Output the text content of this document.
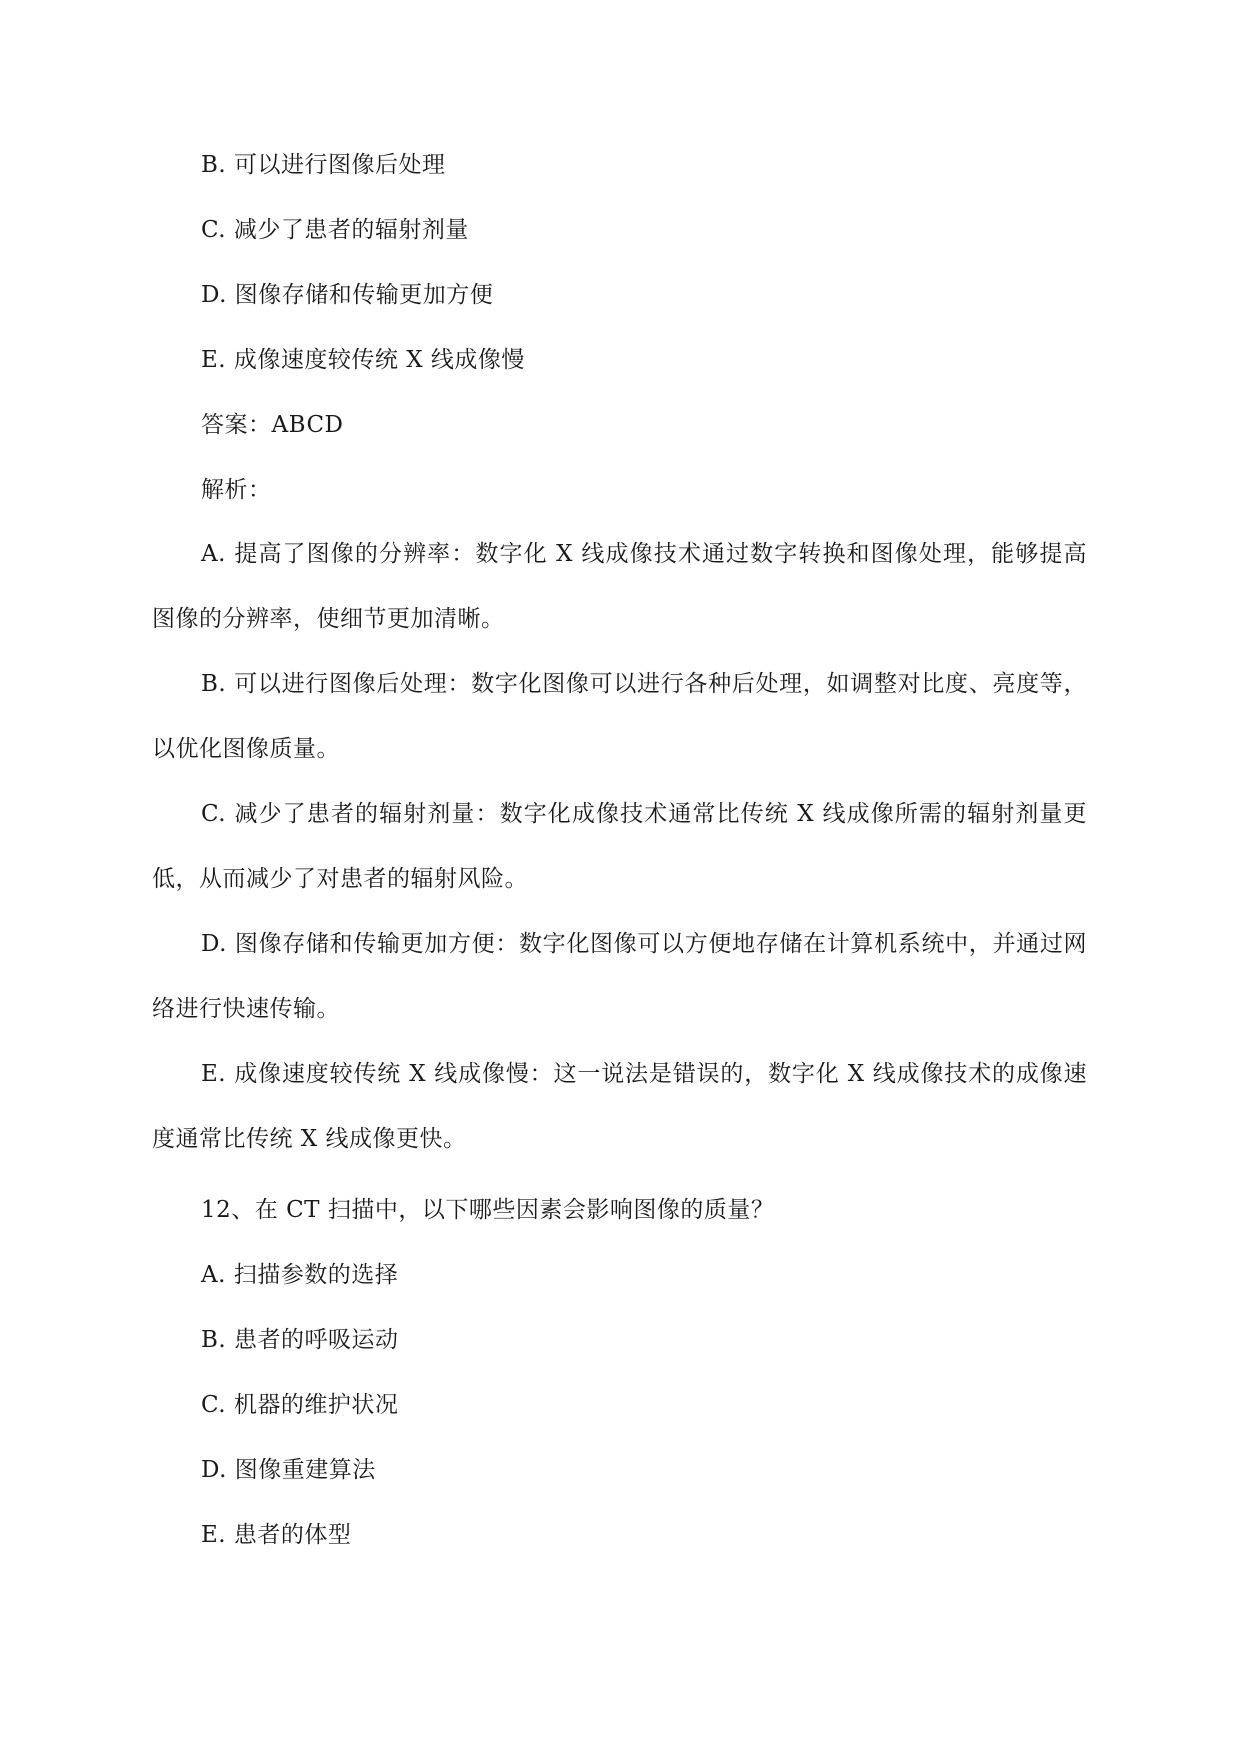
B. 可以进行图像后处理
C. 减少了患者的辐射剂量
D. 图像存储和传输更加方便
E. 成像速度较传统 X 线成像慢
答案：ABCD
解析：

A. 提高了图像的分辨率：数字化 X 线成像技术通过数字转换和图像处理，能够提高图像的分辨率，使细节更加清晰。

B. 可以进行图像后处理：数字化图像可以进行各种后处理，如调整对比度、亮度等，以优化图像质量。

C. 减少了患者的辐射剂量：数字化成像技术通常比传统 X 线成像所需的辐射剂量更低，从而减少了对患者的辐射风险。

D. 图像存储和传输更加方便：数字化图像可以方便地存储在计算机系统中，并通过网络进行快速传输。

E. 成像速度较传统 X 线成像慢：这一说法是错误的，数字化 X 线成像技术的成像速度通常比传统 X 线成像更快。

12、在 CT 扫描中，以下哪些因素会影响图像的质量？
A. 扫描参数的选择
B. 患者的呼吸运动
C. 机器的维护状况
D. 图像重建算法
E. 患者的体型
